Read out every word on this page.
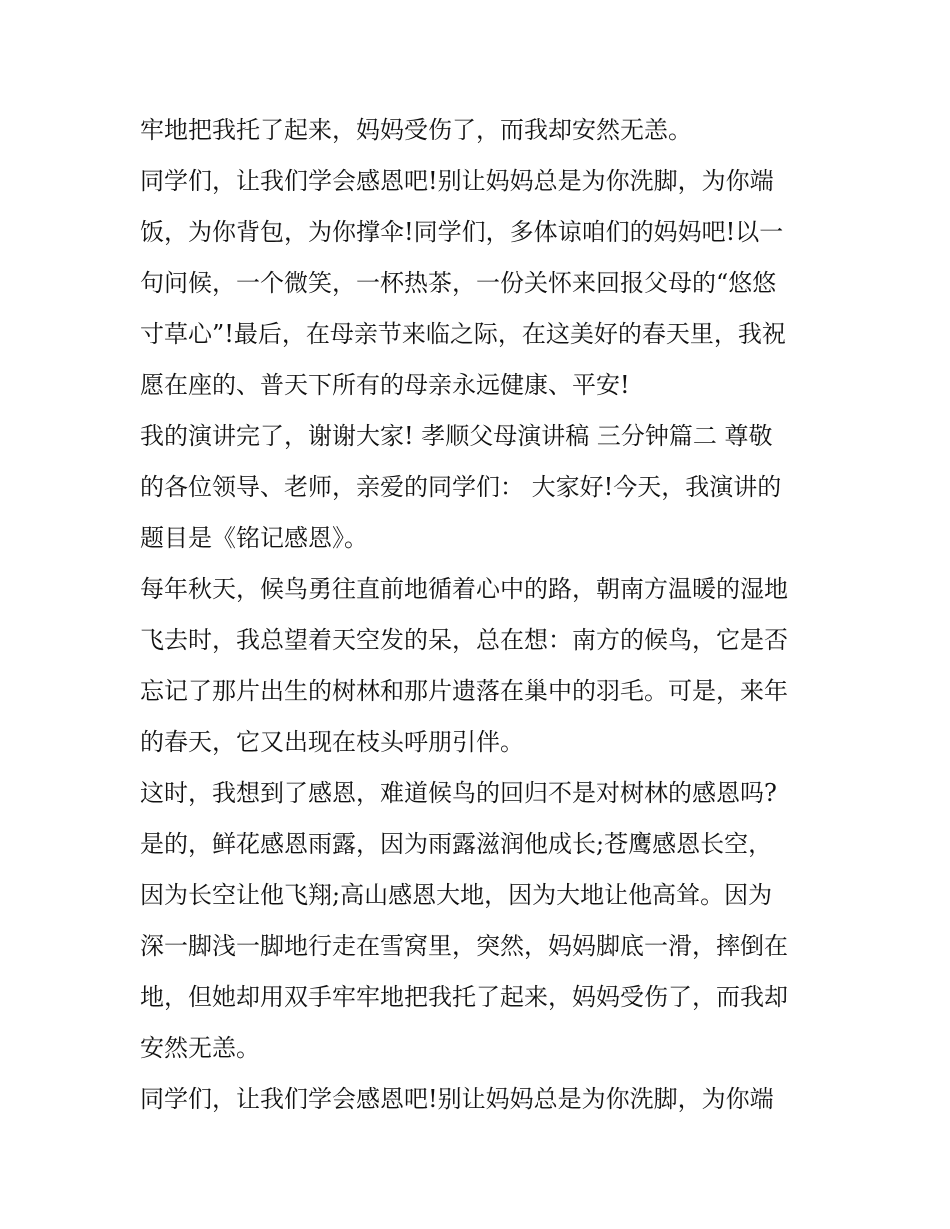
牢地把我托了起来，妈妈受伤了，而我却安然无恙。
同学们，让我们学会感恩吧!别让妈妈总是为你洗脚，为你端
饭，为你背包，为你撑伞!同学们，多体谅咱们的妈妈吧!以一
句问候，一个微笑，一杯热茶，一份关怀来回报父母的“悠悠
寸草心”!最后，在母亲节来临之际，在这美好的春天里，我祝
愿在座的、普天下所有的母亲永远健康、平安!
我的演讲完了，谢谢大家! 孝顺父母演讲稿 三分钟篇二 尊敬
的各位领导、老师，亲爱的同学们： 大家好!今天，我演讲的
题目是《铭记感恩》。
每年秋天，候鸟勇往直前地循着心中的路，朝南方温暖的湿地
飞去时，我总望着天空发的呆，总在想：南方的候鸟，它是否
忘记了那片出生的树林和那片遗落在巢中的羽毛。可是，来年
的春天，它又出现在枝头呼朋引伴。
这时，我想到了感恩，难道候鸟的回归不是对树林的感恩吗?
是的，鲜花感恩雨露，因为雨露滋润他成长;苍鹰感恩长空，
因为长空让他飞翔;高山感恩大地，因为大地让他高耸。因为
深一脚浅一脚地行走在雪窝里，突然，妈妈脚底一滑，摔倒在
地，但她却用双手牢牢地把我托了起来，妈妈受伤了，而我却
安然无恙。
同学们，让我们学会感恩吧!别让妈妈总是为你洗脚，为你端
